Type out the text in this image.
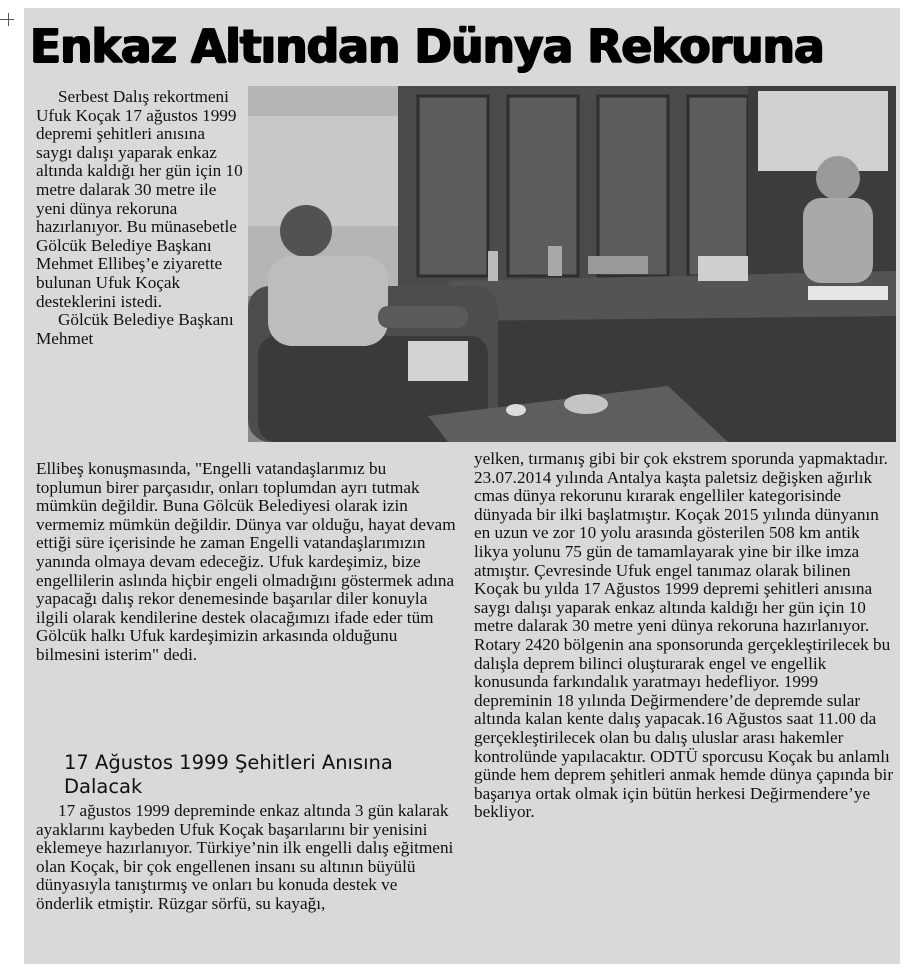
Enkaz Altından Dünya Rekoruna

Serbest Dalış rekortmeni Ufuk Koçak 17 ağustos 1999 depremi şehitleri anısına saygı dalışı yaparak enkaz altında kaldığı her gün için 10 metre dalarak 30 metre ile yeni dünya rekoruna hazırlanıyor. Bu münasebetle Gölcük Belediye Başkanı Mehmet Ellibeş’e ziyarette bulunan Ufuk Koçak desteklerini istedi.

Gölcük Belediye Başkanı Mehmet

Ellibeş konuşmasında, "Engelli vatandaşlarımız bu toplumun birer parçasıdır, onları toplumdan ayrı tutmak mümkün değildir. Buna Gölcük Belediyesi olarak izin vermemiz mümkün değildir. Dünya var olduğu, hayat devam ettiği süre içerisinde he zaman Engelli vatandaşlarımızın yanında olmaya devam edeceğiz. Ufuk kardeşimiz, bize engellilerin aslında hiçbir engeli olmadığını göstermek adına yapacağı dalış rekor denemesinde başarılar diler konuyla ilgili olarak kendilerine destek olacağımızı ifade eder tüm Gölcük halkı Ufuk kardeşimizin arkasında olduğunu bilmesini isterim" dedi.

17 Ağustos 1999 Şehitleri Anısına Dalacak

17 ağustos 1999 depreminde enkaz altında 3 gün kalarak ayaklarını kaybeden Ufuk Koçak başarılarını bir yenisini eklemeye hazırlanıyor. Türkiye’nin ilk engelli dalış eğitmeni olan Koçak, bir çok engellenen insanı su altının büyülü dünyasıyla tanıştırmış ve onları bu konuda destek ve önderlik etmiştir. Rüzgar sörfü, su kayağı,

yelken, tırmanış gibi bir çok ekstrem sporunda yapmaktadır. 23.07.2014 yılında Antalya kaşta paletsiz değişken ağırlık cmas dünya rekorunu kırarak engelliler kategorisinde dünyada bir ilki başlatmıştır. Koçak 2015 yılında dünyanın en uzun ve zor 10 yolu arasında gösterilen 508 km antik likya yolunu 75 gün de tamamlayarak yine bir ilke imza atmıştır. Çevresinde Ufuk engel tanımaz olarak bilinen Koçak bu yılda 17 Ağustos 1999 depremi şehitleri anısına saygı dalışı yaparak enkaz altında kaldığı her gün için 10 metre dalarak 30 metre yeni dünya rekoruna hazırlanıyor. Rotary 2420 bölgenin ana sponsorunda gerçekleştirilecek bu dalışla deprem bilinci oluşturarak engel ve engellik konusunda farkındalık yaratmayı hedefliyor. 1999 depreminin 18 yılında Değirmendere’de depremde sular altında kalan kente dalış yapacak.16 Ağustos saat 11.00 da gerçekleştirilecek olan bu dalış uluslar arası hakemler kontrolünde yapılacaktır. ODTÜ sporcusu Koçak bu anlamlı günde hem deprem şehitleri anmak hemde dünya çapında bir başarıya ortak olmak için bütün herkesi Değirmendere’ye bekliyor.
